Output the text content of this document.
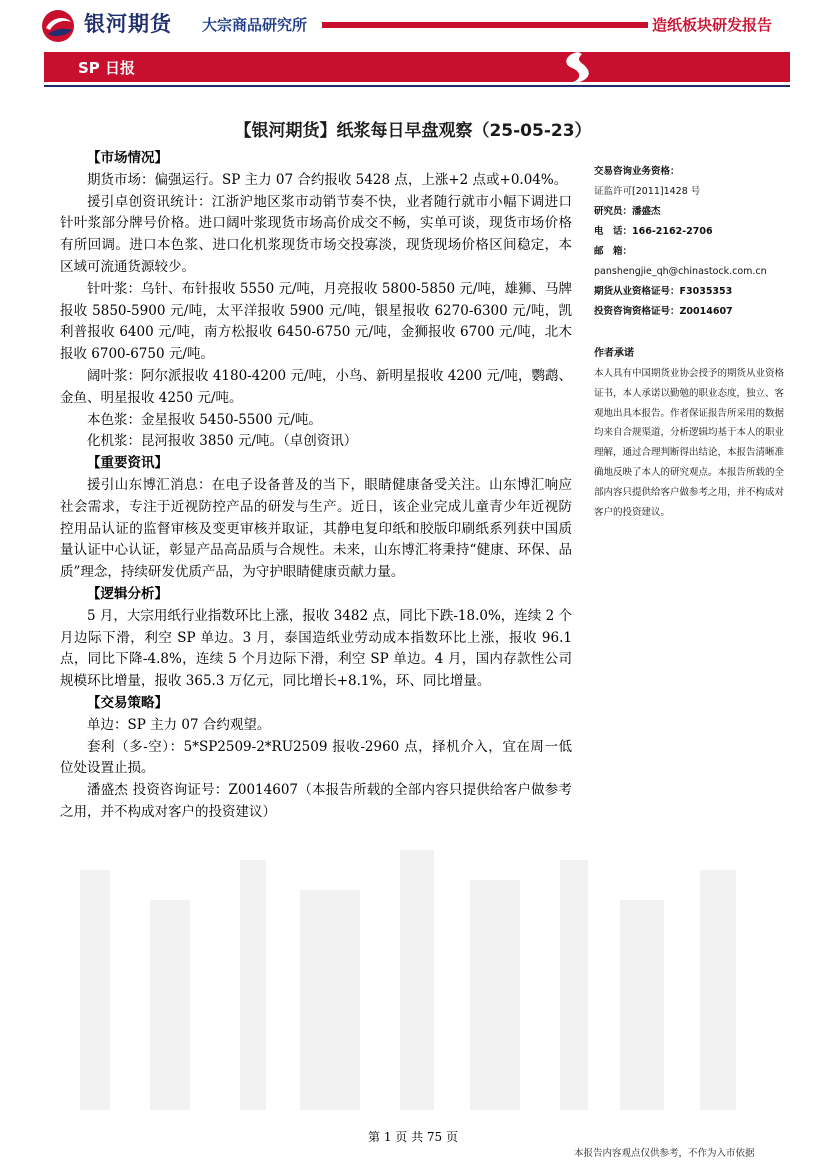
银河期货 大宗商品研究所	造纸板块研发报告
SP 日报
【银河期货】纸浆每日早盘观察（25-05-23）

【市场情况】

期货市场：偏强运行。SP 主力 07 合约报收 5428 点，上涨+2 点或+0.04%。

援引卓创资讯统计：江浙沪地区浆市动销节奏不快，业者随行就市小幅下调进口针叶浆部分牌号价格。进口阔叶浆现货市场高价成交不畅，实单可谈，现货市场价格有所回调。进口本色浆、进口化机浆现货市场交投寡淡，现货现场价格区间稳定，本区域可流通货源较少。

针叶浆：乌针、布针报收 5550 元/吨，月亮报收 5800-5850 元/吨，雄狮、马牌报收 5850-5900 元/吨，太平洋报收 5900 元/吨，银星报收 6270-6300 元/吨，凯利普报收 6400 元/吨，南方松报收 6450-6750 元/吨，金狮报收 6700 元/吨，北木报收 6700-6750 元/吨。

阔叶浆：阿尔派报收 4180-4200 元/吨，小鸟、新明星报收 4200 元/吨，鹦鹉、金鱼、明星报收 4250 元/吨。

本色浆：金星报收 5450-5500 元/吨。

化机浆：昆河报收 3850 元/吨。（卓创资讯）

【重要资讯】

援引山东博汇消息：在电子设备普及的当下，眼睛健康备受关注。山东博汇响应社会需求，专注于近视防控产品的研发与生产。近日，该企业完成儿童青少年近视防控用品认证的监督审核及变更审核并取证，其静电复印纸和胶版印刷纸系列获中国质量认证中心认证，彰显产品高品质与合规性。未来，山东博汇将秉持“健康、环保、品质”理念，持续研发优质产品，为守护眼睛健康贡献力量。

【逻辑分析】

5 月，大宗用纸行业指数环比上涨，报收 3482 点，同比下跌-18.0%，连续 2 个月边际下滑，利空 SP 单边。3 月，泰国造纸业劳动成本指数环比上涨，报收 96.1 点，同比下降-4.8%，连续 5 个月边际下滑，利空 SP 单边。4 月，国内存款性公司规模环比增量，报收 365.3 万亿元，同比增长+8.1%，环、同比增量。

【交易策略】

单边：SP 主力 07 合约观望。

套利（多-空）：5*SP2509-2*RU2509 报收-2960 点，择机介入，宜在周一低位处设置止损。

潘盛杰 投资咨询证号：Z0014607（本报告所载的全部内容只提供给客户做参考之用，并不构成对客户的投资建议）

交易咨询业务资格：
证监许可[2011]1428 号
研究员：潘盛杰
电　话：166-2162-2706
邮　箱：
panshengjie_qh@chinastock.com.cn
期货从业资格证号：F3035353
投资咨询资格证号：Z0014607
作者承诺

本人具有中国期货业协会授予的期货从业资格证书，本人承诺以勤勉的职业态度，独立、客观地出具本报告。作者保证报告所采用的数据均来自合规渠道，分析逻辑均基于本人的职业理解，通过合理判断得出结论，本报告清晰准确地反映了本人的研究观点。本报告所载的全部内容只提供给客户做参考之用，并不构成对客户的投资建议。

第 1 页 共 75 页
本报告内容观点仅供参考，不作为入市依据
